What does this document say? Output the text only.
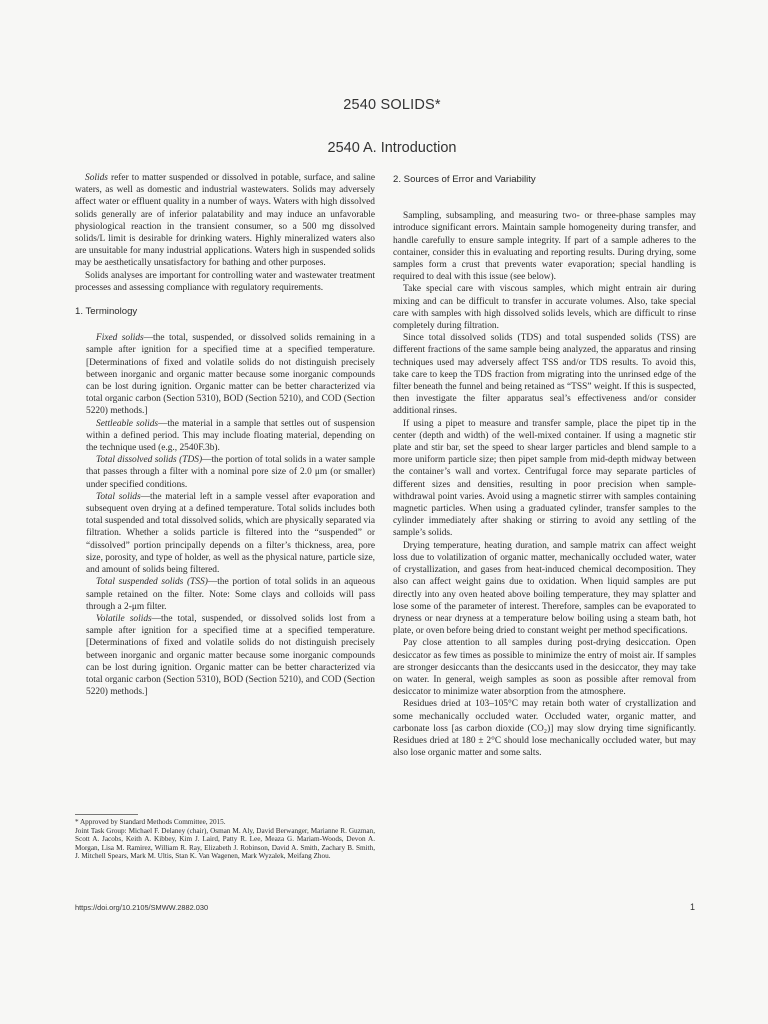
2540 SOLIDS*
2540 A. Introduction

Solids refer to matter suspended or dissolved in potable, surface, and saline waters, as well as domestic and industrial wastewaters. Solids may adversely affect water or effluent quality in a number of ways. Waters with high dissolved solids generally are of inferior palatability and may induce an unfavorable physiological reaction in the transient consumer, so a 500 mg dissolved solids/L limit is desirable for drinking waters. Highly mineralized waters also are unsuitable for many industrial applications. Waters high in suspended solids may be aesthetically unsatisfactory for bathing and other purposes.

Solids analyses are important for controlling water and wastewater treatment processes and assessing compliance with regulatory requirements.

1. Terminology

Fixed solids—the total, suspended, or dissolved solids remaining in a sample after ignition for a specified time at a specified temperature. [Determinations of fixed and volatile solids do not distinguish precisely between inorganic and organic matter because some inorganic compounds can be lost during ignition. Organic matter can be better characterized via total organic carbon (Section 5310), BOD (Section 5210), and COD (Section 5220) methods.]

Settleable solids—the material in a sample that settles out of suspension within a defined period. This may include floating material, depending on the technique used (e.g., 2540F.3b).

Total dissolved solids (TDS)—the portion of total solids in a water sample that passes through a filter with a nominal pore size of 2.0 μm (or smaller) under specified conditions.

Total solids—the material left in a sample vessel after evaporation and subsequent oven drying at a defined temperature. Total solids includes both total suspended and total dissolved solids, which are physically separated via filtration. Whether a solids particle is filtered into the “suspended” or “dissolved” portion principally depends on a filter’s thickness, area, pore size, porosity, and type of holder, as well as the physical nature, particle size, and amount of solids being filtered.

Total suspended solids (TSS)—the portion of total solids in an aqueous sample retained on the filter. Note: Some clays and colloids will pass through a 2-μm filter.

Volatile solids—the total, suspended, or dissolved solids lost from a sample after ignition for a specified time at a specified temperature. [Determinations of fixed and volatile solids do not distinguish precisely between inorganic and organic matter because some inorganic compounds can be lost during ignition. Organic matter can be better characterized via total organic carbon (Section 5310), BOD (Section 5210), and COD (Section 5220) methods.]

2. Sources of Error and Variability

Sampling, subsampling, and measuring two- or three-phase samples may introduce significant errors. Maintain sample homogeneity during transfer, and handle carefully to ensure sample integrity. If part of a sample adheres to the container, consider this in evaluating and reporting results. During drying, some samples form a crust that prevents water evaporation; special handling is required to deal with this issue (see below).

Take special care with viscous samples, which might entrain air during mixing and can be difficult to transfer in accurate volumes. Also, take special care with samples with high dissolved solids levels, which are difficult to rinse completely during filtration.

Since total dissolved solids (TDS) and total suspended solids (TSS) are different fractions of the same sample being analyzed, the apparatus and rinsing techniques used may adversely affect TSS and/or TDS results. To avoid this, take care to keep the TDS fraction from migrating into the unrinsed edge of the filter beneath the funnel and being retained as “TSS” weight. If this is suspected, then investigate the filter apparatus seal’s effectiveness and/or consider additional rinses.

If using a pipet to measure and transfer sample, place the pipet tip in the center (depth and width) of the well-mixed container. If using a magnetic stir plate and stir bar, set the speed to shear larger particles and blend sample to a more uniform particle size; then pipet sample from mid-depth midway between the container’s wall and vortex. Centrifugal force may separate particles of different sizes and densities, resulting in poor precision when sample-withdrawal point varies. Avoid using a magnetic stirrer with samples containing magnetic particles. When using a graduated cylinder, transfer samples to the cylinder immediately after shaking or stirring to avoid any settling of the sample’s solids.

Drying temperature, heating duration, and sample matrix can affect weight loss due to volatilization of organic matter, mechanically occluded water, water of crystallization, and gases from heat-induced chemical decomposition. They also can affect weight gains due to oxidation. When liquid samples are put directly into any oven heated above boiling temperature, they may splatter and lose some of the parameter of interest. Therefore, samples can be evaporated to dryness or near dryness at a temperature below boiling using a steam bath, hot plate, or oven before being dried to constant weight per method specifications.

Pay close attention to all samples during post-drying desiccation. Open desiccator as few times as possible to minimize the entry of moist air. If samples are stronger desiccants than the desiccants used in the desiccator, they may take on water. In general, weigh samples as soon as possible after removal from desiccator to minimize water absorption from the atmosphere.

Residues dried at 103–105°C may retain both water of crystallization and some mechanically occluded water. Occluded water, organic matter, and carbonate loss [as carbon dioxide (CO₂)] may slow drying time significantly. Residues dried at 180 ± 2°C should lose mechanically occluded water, but may also lose organic matter and some salts.

* Approved by Standard Methods Committee, 2015.

Joint Task Group: Michael F. Delaney (chair), Osman M. Aly, David Berwanger, Marianne R. Guzman, Scott A. Jacobs, Keith A. Kibbey, Kim J. Laird, Patty R. Lee, Meaza G. Mariam-Woods, Devon A. Morgan, Lisa M. Ramirez, William R. Ray, Elizabeth J. Robinson, David A. Smith, Zachary B. Smith, J. Mitchell Spears, Mark M. Ultis, Stan K. Van Wagenen, Mark Wyzalek, Meifang Zhou.

https://doi.org/10.2105/SMWW.2882.030	1
